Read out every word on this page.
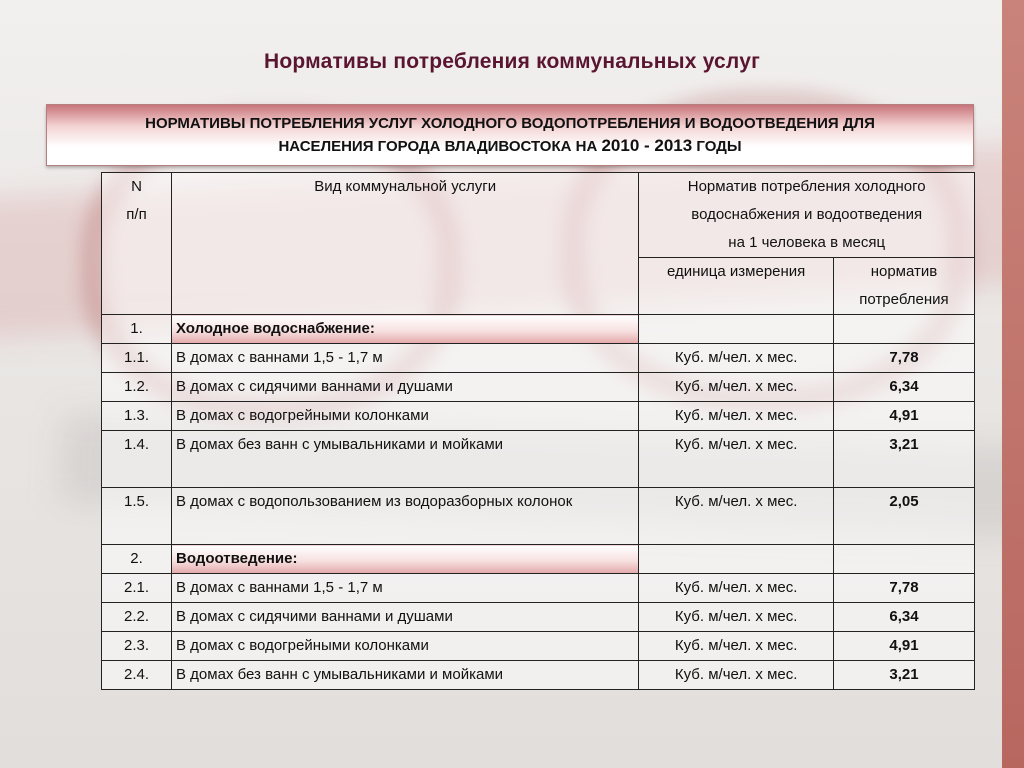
Нормативы потребления коммунальных услуг
НОРМАТИВЫ ПОТРЕБЛЕНИЯ УСЛУГ ХОЛОДНОГО ВОДОПОТРЕБЛЕНИЯ И ВОДООТВЕДЕНИЯ ДЛЯ
НАСЕЛЕНИЯ ГОРОДА ВЛАДИВОСТОКА НА 2010 - 2013 ГОДЫ
N
п/п	Вид коммунальной услуги	Норматив потребления холодного
водоснабжения и водоотведения
на 1 человека в месяц	
		единица измерения	норматив
потребления
1.	Холодное водоснабжение:		
1.1.	В домах с ваннами 1,5 - 1,7 м	Куб. м/чел. х мес.	7,78
1.2.	В домах с сидячими ваннами и душами	Куб. м/чел. х мес.	6,34
1.3.	В домах с водогрейными колонками	Куб. м/чел. х мес.	4,91
1.4.	В домах без ванн с умывальниками и мойками	Куб. м/чел. х мес.	3,21
1.5.	В домах с водопользованием из водоразборных колонок	Куб. м/чел. х мес.	2,05
2.	Водоотведение:		
2.1.	В домах с ваннами 1,5 - 1,7 м	Куб. м/чел. х мес.	7,78
2.2.	В домах с сидячими ваннами и душами	Куб. м/чел. х мес.	6,34
2.3.	В домах с водогрейными колонками	Куб. м/чел. х мес.	4,91
2.4.	В домах без ванн с умывальниками и мойками	Куб. м/чел. х мес.	3,21
